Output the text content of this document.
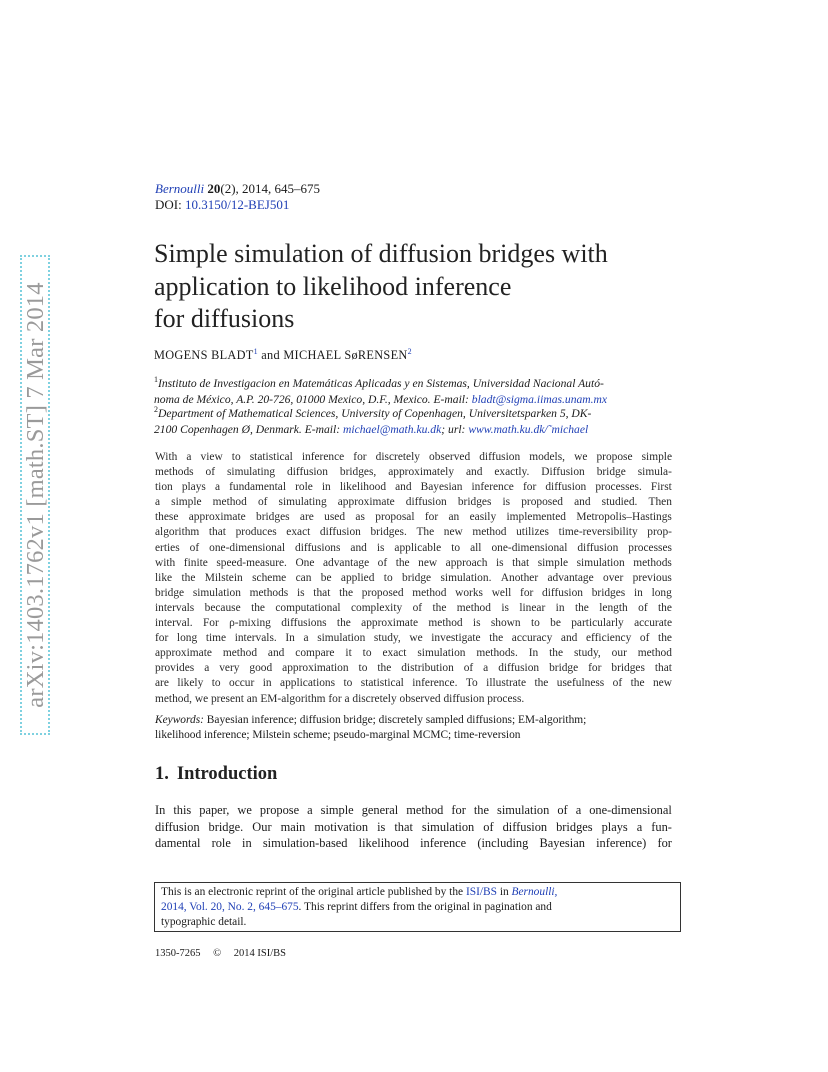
arXiv:1403.1762v1 [math.ST] 7 Mar 2014
Bernoulli 20(2), 2014, 645–675
DOI: 10.3150/12-BEJ501
Simple simulation of diffusion bridges with
application to likelihood inference
for diffusions
MOGENS BLADT$^1$ and MICHAEL SøRENSEN$^2$
$^1$Instituto de Investigacion en Matemáticas Aplicadas y en Sistemas, Universidad Nacional Autó-
noma de México, A.P. 20-726, 01000 Mexico, D.F., Mexico. E-mail: bladt@sigma.iimas.unam.mx
$^2$Department of Mathematical Sciences, University of Copenhagen, Universitetsparken 5, DK-
2100 Copenhagen Ø, Denmark. E-mail: michael@math.ku.dk; url: www.math.ku.dk/˜michael
With a view to statistical inference for discretely observed diffusion models, we propose simple
methods of simulating diffusion bridges, approximately and exactly. Diffusion bridge simula-
tion plays a fundamental role in likelihood and Bayesian inference for diffusion processes. First
a simple method of simulating approximate diffusion bridges is proposed and studied. Then
these approximate bridges are used as proposal for an easily implemented Metropolis–Hastings
algorithm that produces exact diffusion bridges. The new method utilizes time-reversibility prop-
erties of one-dimensional diffusions and is applicable to all one-dimensional diffusion processes
with finite speed-measure. One advantage of the new approach is that simple simulation methods
like the Milstein scheme can be applied to bridge simulation. Another advantage over previous
bridge simulation methods is that the proposed method works well for diffusion bridges in long
intervals because the computational complexity of the method is linear in the length of the
interval. For ρ-mixing diffusions the approximate method is shown to be particularly accurate
for long time intervals. In a simulation study, we investigate the accuracy and efficiency of the
approximate method and compare it to exact simulation methods. In the study, our method
provides a very good approximation to the distribution of a diffusion bridge for bridges that
are likely to occur in applications to statistical inference. To illustrate the usefulness of the new
method, we present an EM-algorithm for a discretely observed diffusion process.
Keywords: Bayesian inference; diffusion bridge; discretely sampled diffusions; EM-algorithm;
likelihood inference; Milstein scheme; pseudo-marginal MCMC; time-reversion
1. Introduction
In this paper, we propose a simple general method for the simulation of a one-dimensional
diffusion bridge. Our main motivation is that simulation of diffusion bridges plays a fun-
damental role in simulation-based likelihood inference (including Bayesian inference) for
This is an electronic reprint of the original article published by the ISI/BS in Bernoulli,
2014, Vol. 20, No. 2, 645–675. This reprint differs from the original in pagination and
typographic detail.
1350-7265 © 2014 ISI/BS
